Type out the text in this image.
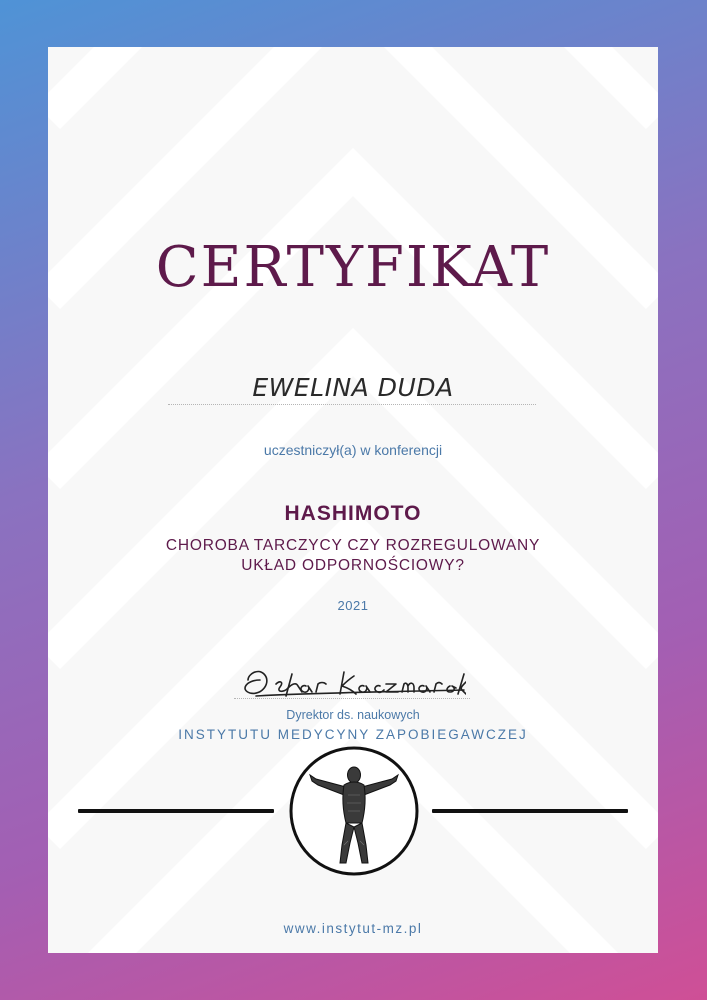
CERTYFIKAT
EWELINA DUDA
uczestniczył(a) w konferencji
HASHIMOTO
CHOROBA TARCZYCY CZY ROZREGULOWANY
UKŁAD ODPORNOŚCIOWY?
2021
Dyrektor ds. naukowych
INSTYTUTU MEDYCYNY ZAPOBIEGAWCZEJ
www.instytut-mz.pl
